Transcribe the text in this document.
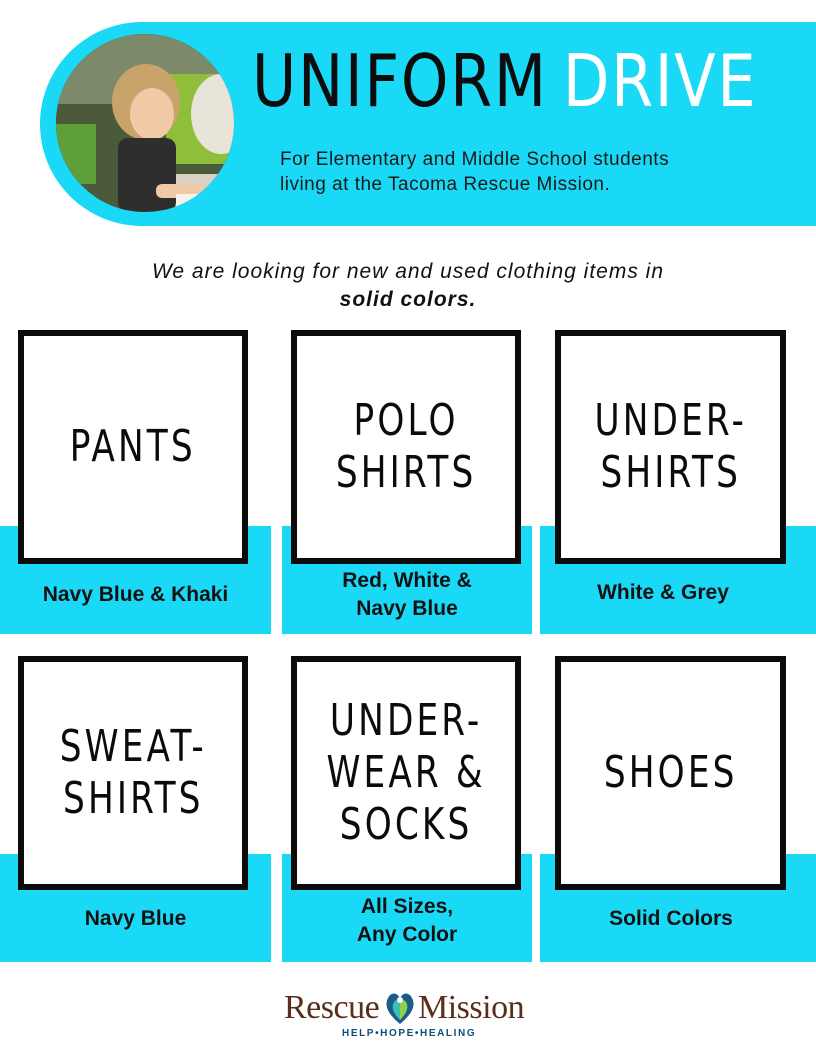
UNIFORM DRIVE
For Elementary and Middle School students
living at the Tacoma Rescue Mission.
We are looking for new and used clothing items in
solid colors.
PANTS
POLO
SHIRTS
UNDER-
SHIRTS
Navy Blue & Khaki
Red, White &
Navy Blue
White & Grey
SWEAT-
SHIRTS
UNDER-
WEAR &
SOCKS
SHOES
Navy Blue
All Sizes,
Any Color
Solid Colors
Rescue Mission
HELP•HOPE•HEALING
